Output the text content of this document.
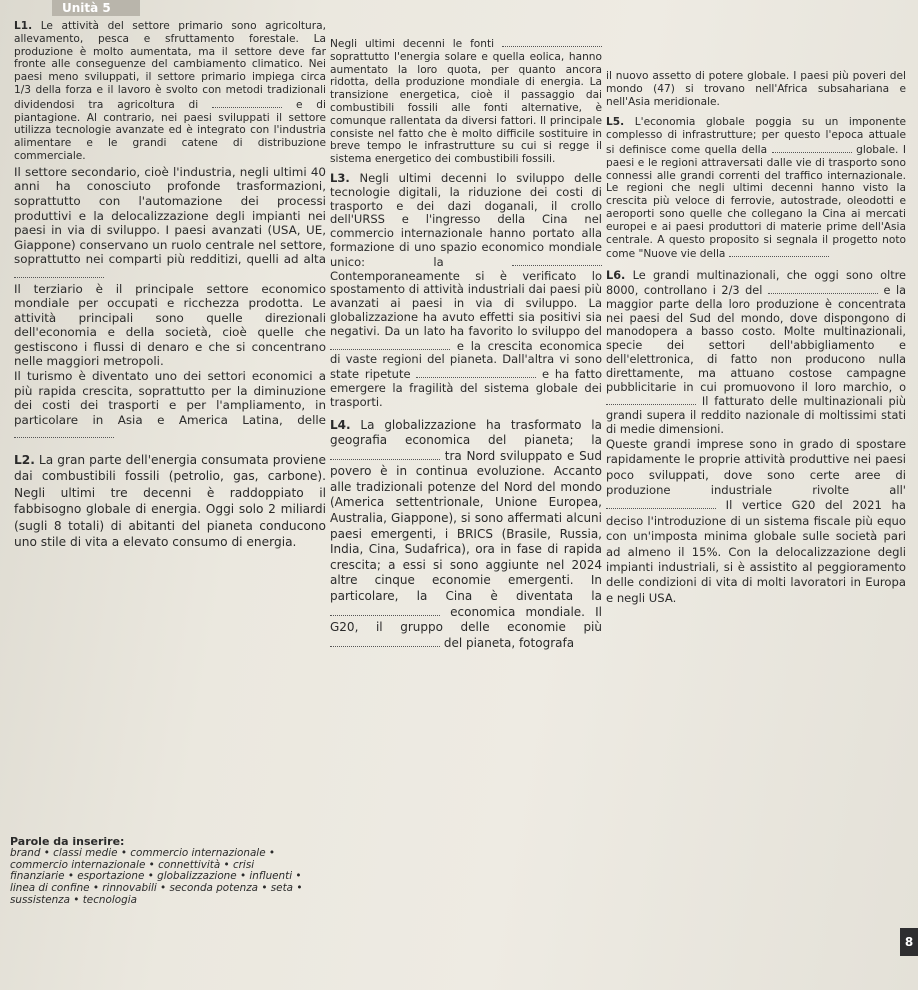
Unità 5

L1. Le attività del settore primario sono agricoltura, allevamento, pesca e sfruttamento forestale. La produzione è molto aumentata, ma il settore deve far fronte alle conseguenze del cambiamento climatico. Nei paesi meno sviluppati, il settore primario impiega circa 1/3 della forza e il lavoro è svolto con metodi tradizionali dividendosi tra agricoltura di	e di piantagione. Al contrario, nei paesi sviluppati il settore utilizza tecnologie avanzate ed è integrato con l'industria alimentare e le grandi catene di distribuzione commerciale.

Il settore secondario, cioè l'industria, negli ultimi 40 anni ha conosciuto profonde trasformazioni, soprattutto con l'automazione dei processi produttivi e la delocalizzazione degli impianti nei paesi in via di sviluppo. I paesi avanzati (USA, UE, Giappone) conservano un ruolo centrale nel settore, soprattutto nei comparti più redditizi, quelli ad alta

Il terziario è il principale settore economico mondiale per occupati e ricchezza prodotta. Le attività principali sono quelle direzionali dell'economia e della società, cioè quelle che gestiscono i flussi di denaro e che si concentrano nelle maggiori metropoli.

Il turismo è diventato uno dei settori economici a più rapida crescita, soprattutto per la diminuzione dei costi dei trasporti e per l'ampliamento, in particolare in Asia e America Latina, delle

L2. La gran parte dell'energia consumata proviene dai combustibili fossili (petrolio, gas, carbone). Negli ultimi tre decenni è raddoppiato il fabbisogno globale di energia. Oggi solo 2 miliardi (sugli 8 totali) di abitanti del pianeta conducono uno stile di vita a elevato consumo di energia.

Negli ultimi decenni le fonti  soprattutto l'energia solare e quella eolica, hanno aumentato la loro quota, per quanto ancora ridotta, della produzione mondiale di energia. La transizione energetica, cioè il passaggio dai combustibili fossili alle fonti alternative, è comunque rallentata da diversi fattori. Il principale consiste nel fatto che è molto difficile sostituire in breve tempo le infrastrutture su cui si regge il sistema energetico dei combustibili fossili.

L3. Negli ultimi decenni lo sviluppo delle tecnologie digitali, la riduzione dei costi di trasporto e dei dazi doganali, il crollo dell'URSS e l'ingresso della Cina nel commercio internazionale hanno portato alla formazione di uno spazio economico mondiale unico: la  Contemporaneamente si è verificato lo spostamento di attività industriali dai paesi più avanzati ai paesi in via di sviluppo. La globalizzazione ha avuto effetti sia positivi sia negativi. Da un lato ha favorito lo sviluppo del  e la crescita economica di vaste regioni del pianeta. Dall'altra vi sono state ripetute	e ha fatto emergere la fragilità del sistema globale dei trasporti.

L4. La globalizzazione ha trasformato la geografia economica del pianeta; la  tra Nord sviluppato e Sud povero è in continua evoluzione. Accanto alle tradizionali potenze del Nord del mondo (America settentrionale, Unione Europea, Australia, Giappone), si sono affermati alcuni paesi emergenti, i BRICS (Brasile, Russia, India, Cina, Sudafrica), ora in fase di rapida crescita; a essi si sono aggiunte nel 2024 altre cinque economie emergenti. In particolare, la Cina è diventata la  economica mondiale. Il G20, il gruppo delle economie più  del pianeta, fotografa

il nuovo assetto di potere globale. I paesi più poveri del mondo (47) si trovano nell'Africa subsahariana e nell'Asia meridionale.

L5. L'economia globale poggia su un imponente complesso di infrastrutture; per questo l'epoca attuale si definisce come quella della	globale. I paesi e le regioni attraversati dalle vie di trasporto sono connessi alle grandi correnti del traffico internazionale. Le regioni che negli ultimi decenni hanno visto la crescita più veloce di ferrovie, autostrade, oleodotti e aeroporti sono quelle che collegano la Cina ai mercati europei e ai paesi produttori di materie prime dell'Asia centrale. A questo proposito si segnala il progetto noto come "Nuove vie della

L6. Le grandi multinazionali, che oggi sono oltre 8000, controllano i 2/3 del	e la maggior parte della loro produzione è concentrata nei paesi del Sud del mondo, dove dispongono di manodopera a basso costo. Molte multinazionali, specie dei settori dell'abbigliamento e dell'elettronica, di fatto non producono nulla direttamente, ma attuano costose campagne pubblicitarie in cui promuovono il loro marchio, o  Il fatturato delle multinazionali più grandi supera il reddito nazionale di moltissimi stati di medie dimensioni.

Queste grandi imprese sono in grado di spostare rapidamente le proprie attività produttive nei paesi poco sviluppati, dove sono certe aree di produzione industriale rivolte all'  Il vertice G20 del 2021 ha deciso l'introduzione di un sistema fiscale più equo con un'imposta minima globale sulle società pari ad almeno il 15%. Con la delocalizzazione degli impianti industriali, si è assistito al peggioramento delle condizioni di vita di molti lavoratori in Europa e negli USA.

Parole da inserire:
brand • classi medie • commercio internazionale • commercio internazionale • connettività • crisi finanziarie • esportazione • globalizzazione • influenti • linea di confine • rinnovabili • seconda potenza • seta • sussistenza • tecnologia
8
